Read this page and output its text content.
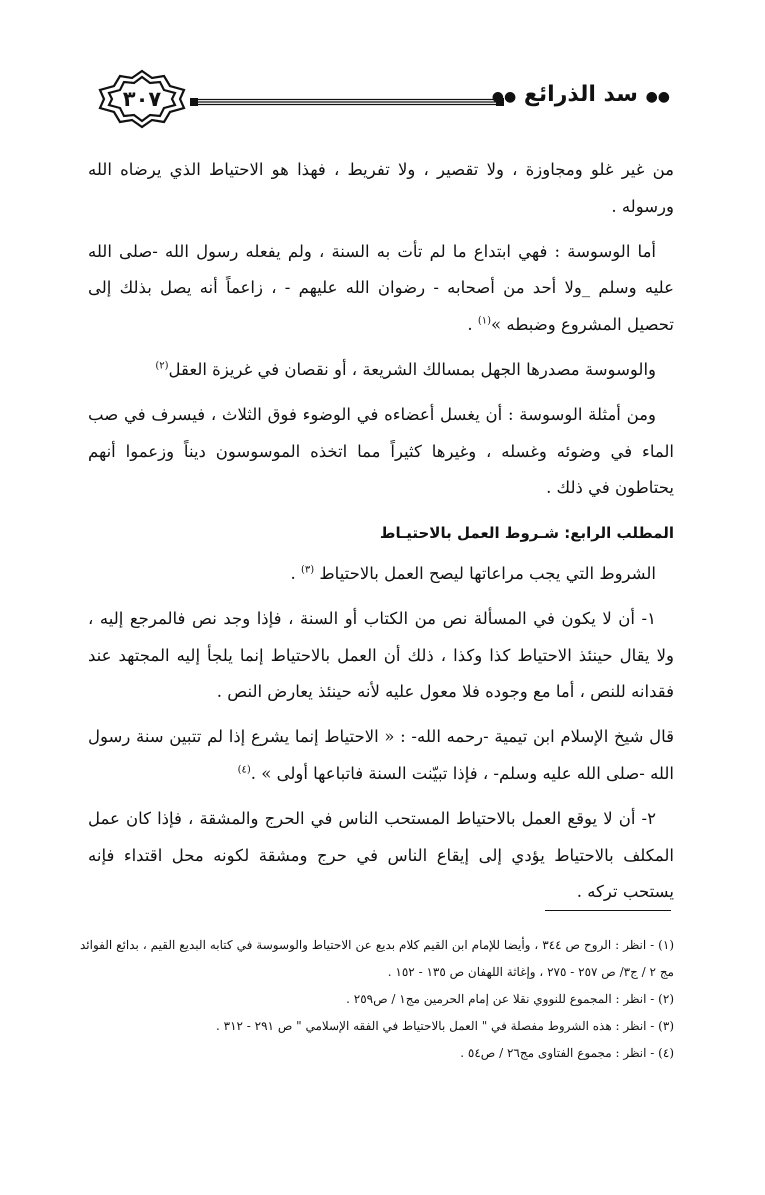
٣٠٧	●● سد الذرائع ●●

من غير غلو ومجاوزة ، ولا تقصير ، ولا تفريط ، فهذا هو الاحتياط الذي يرضاه الله ورسوله .

أما الوسوسة : فهي ابتداع ما لم تأت به السنة ، ولم يفعله رسول الله -صلى الله عليه وسلم _ولا أحد من أصحابه - رضوان الله عليهم - ، زاعماً أنه يصل بذلك إلى تحصيل المشروع وضبطه »$^{(١)}$ .

والوسوسة مصدرها الجهل بمسالك الشريعة ، أو نقصان في غريزة العقل$^{(٢)}$

ومن أمثلة الوسوسة : أن يغسل أعضاءه في الوضوء فوق الثلاث ، فيسرف في صب الماء في وضوئه وغسله ، وغيرها كثيراً مما اتخذه الموسوسون ديناً وزعموا أنهم يحتاطون في ذلك .

المطلب الرابع: شـروط العمل بالاحتيـاط

الشروط التي يجب مراعاتها ليصح العمل بالاحتياط $^{(٣)}$ .

١- أن لا يكون في المسألة نص من الكتاب أو السنة ، فإذا وجد نص فالمرجع إليه ، ولا يقال حينئذ الاحتياط كذا وكذا ، ذلك أن العمل بالاحتياط إنما يلجأ إليه المجتهد عند فقدانه للنص ، أما مع وجوده فلا معول عليه لأنه حينئذ يعارض النص .

قال شيخ الإسلام ابن تيمية -رحمه الله- : « الاحتياط إنما يشرع إذا لم تتبين سنة رسول الله -صلى الله عليه وسلم- ، فإذا تبيّنت السنة فاتباعها أولى » .$^{(٤)}$

٢- أن لا يوقع العمل بالاحتياط المستحب الناس في الحرج والمشقة ، فإذا كان عمل المكلف بالاحتياط يؤدي إلى إيقاع الناس في حرج ومشقة لكونه محل اقتداء فإنه يستحب تركه .

(١) - انظر : الروح ص ٣٤٤ ، وأيضا للإمام ابن القيم كلام بديع عن الاحتياط والوسوسة في كتابه البديع القيم ، بدائع الفوائد مج ٢ / ج٣/ ص ٢٥٧ - ٢٧٥ ، وإغاثة اللهفان ص ١٣٥ - ١٥٢ .
(٢) - انظر : المجموع للنووي نقلا عن إمام الحرمين مج١ / ص٢٥٩ .
(٣) - انظر : هذه الشروط مفصلة في " العمل بالاحتياط في الفقه الإسلامي " ص ٢٩١ - ٣١٢ .
(٤) - انظر : مجموع الفتاوى مج٢٦ / ص٥٤ .
